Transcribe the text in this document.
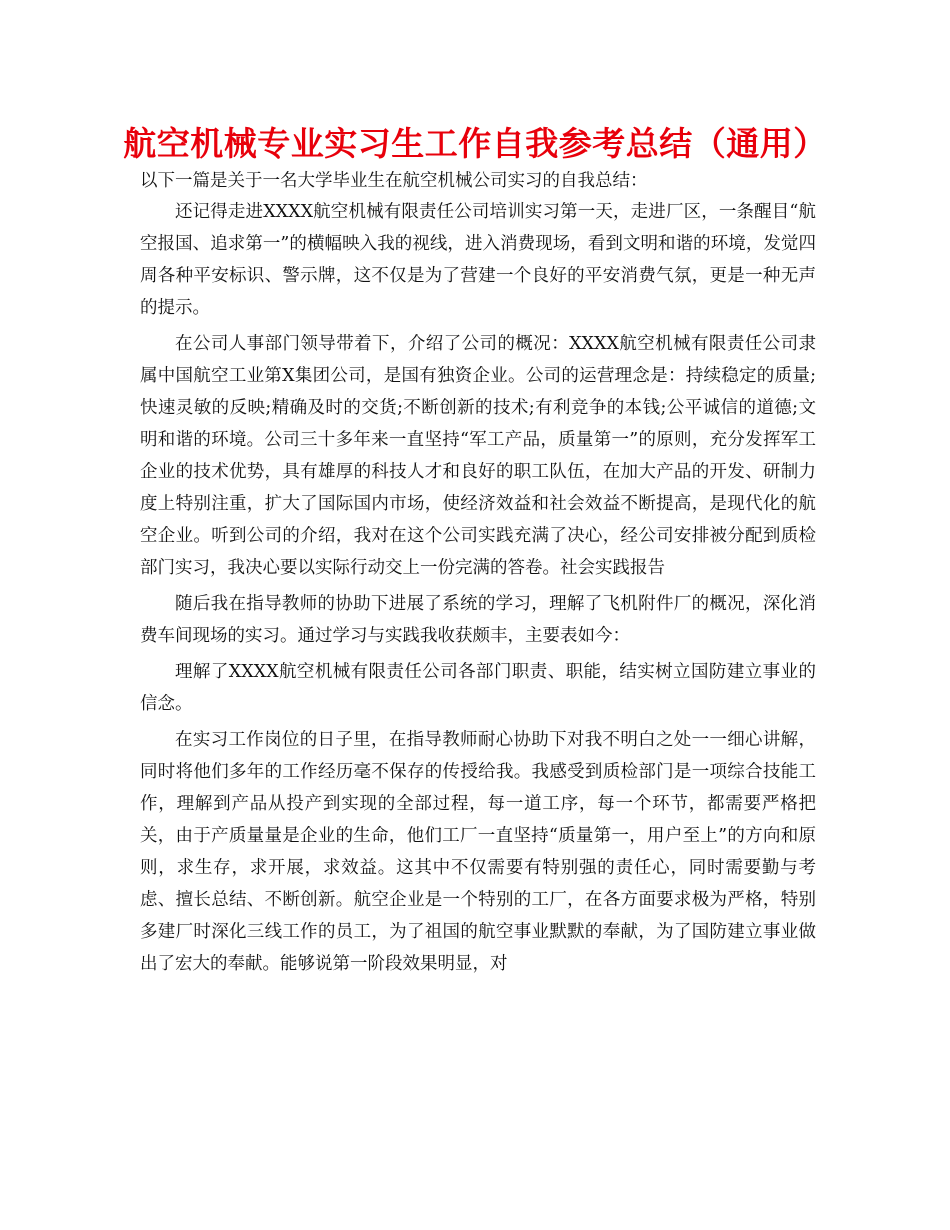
航空机械专业实习生工作自我参考总结（通用）

以下一篇是关于一名大学毕业生在航空机械公司实习的自我总结：

还记得走进XXXX航空机械有限责任公司培训实习第一天，走进厂区，一条醒目“航空报国、追求第一”的横幅映入我的视线，进入消费现场，看到文明和谐的环境，发觉四周各种平安标识、警示牌，这不仅是为了营建一个良好的平安消费气氛，更是一种无声的提示。

在公司人事部门领导带着下，介绍了公司的概况：XXXX航空机械有限责任公司隶属中国航空工业第X集团公司，是国有独资企业。公司的运营理念是：持续稳定的质量;快速灵敏的反映;精确及时的交货;不断创新的技术;有利竞争的本钱;公平诚信的道德;文明和谐的环境。公司三十多年来一直坚持“军工产品，质量第一”的原则，充分发挥军工企业的技术优势，具有雄厚的科技人才和良好的职工队伍，在加大产品的开发、研制力度上特别注重，扩大了国际国内市场，使经济效益和社会效益不断提高，是现代化的航空企业。听到公司的介绍，我对在这个公司实践充满了决心，经公司安排被分配到质检部门实习，我决心要以实际行动交上一份完满的答卷。社会实践报告

随后我在指导教师的协助下进展了系统的学习，理解了飞机附件厂的概况，深化消费车间现场的实习。通过学习与实践我收获颇丰，主要表如今：

理解了XXXX航空机械有限责任公司各部门职责、职能，结实树立国防建立事业的信念。

在实习工作岗位的日子里，在指导教师耐心协助下对我不明白之处一一细心讲解，同时将他们多年的工作经历毫不保存的传授给我。我感受到质检部门是一项综合技能工作，理解到产品从投产到实现的全部过程，每一道工序，每一个环节，都需要严格把关，由于产质量量是企业的生命，他们工厂一直坚持“质量第一，用户至上”的方向和原则，求生存，求开展，求效益。这其中不仅需要有特别强的责任心，同时需要勤与考虑、擅长总结、不断创新。航空企业是一个特别的工厂，在各方面要求极为严格，特别多建厂时深化三线工作的员工，为了祖国的航空事业默默的奉献，为了国防建立事业做出了宏大的奉献。能够说第一阶段效果明显，对
